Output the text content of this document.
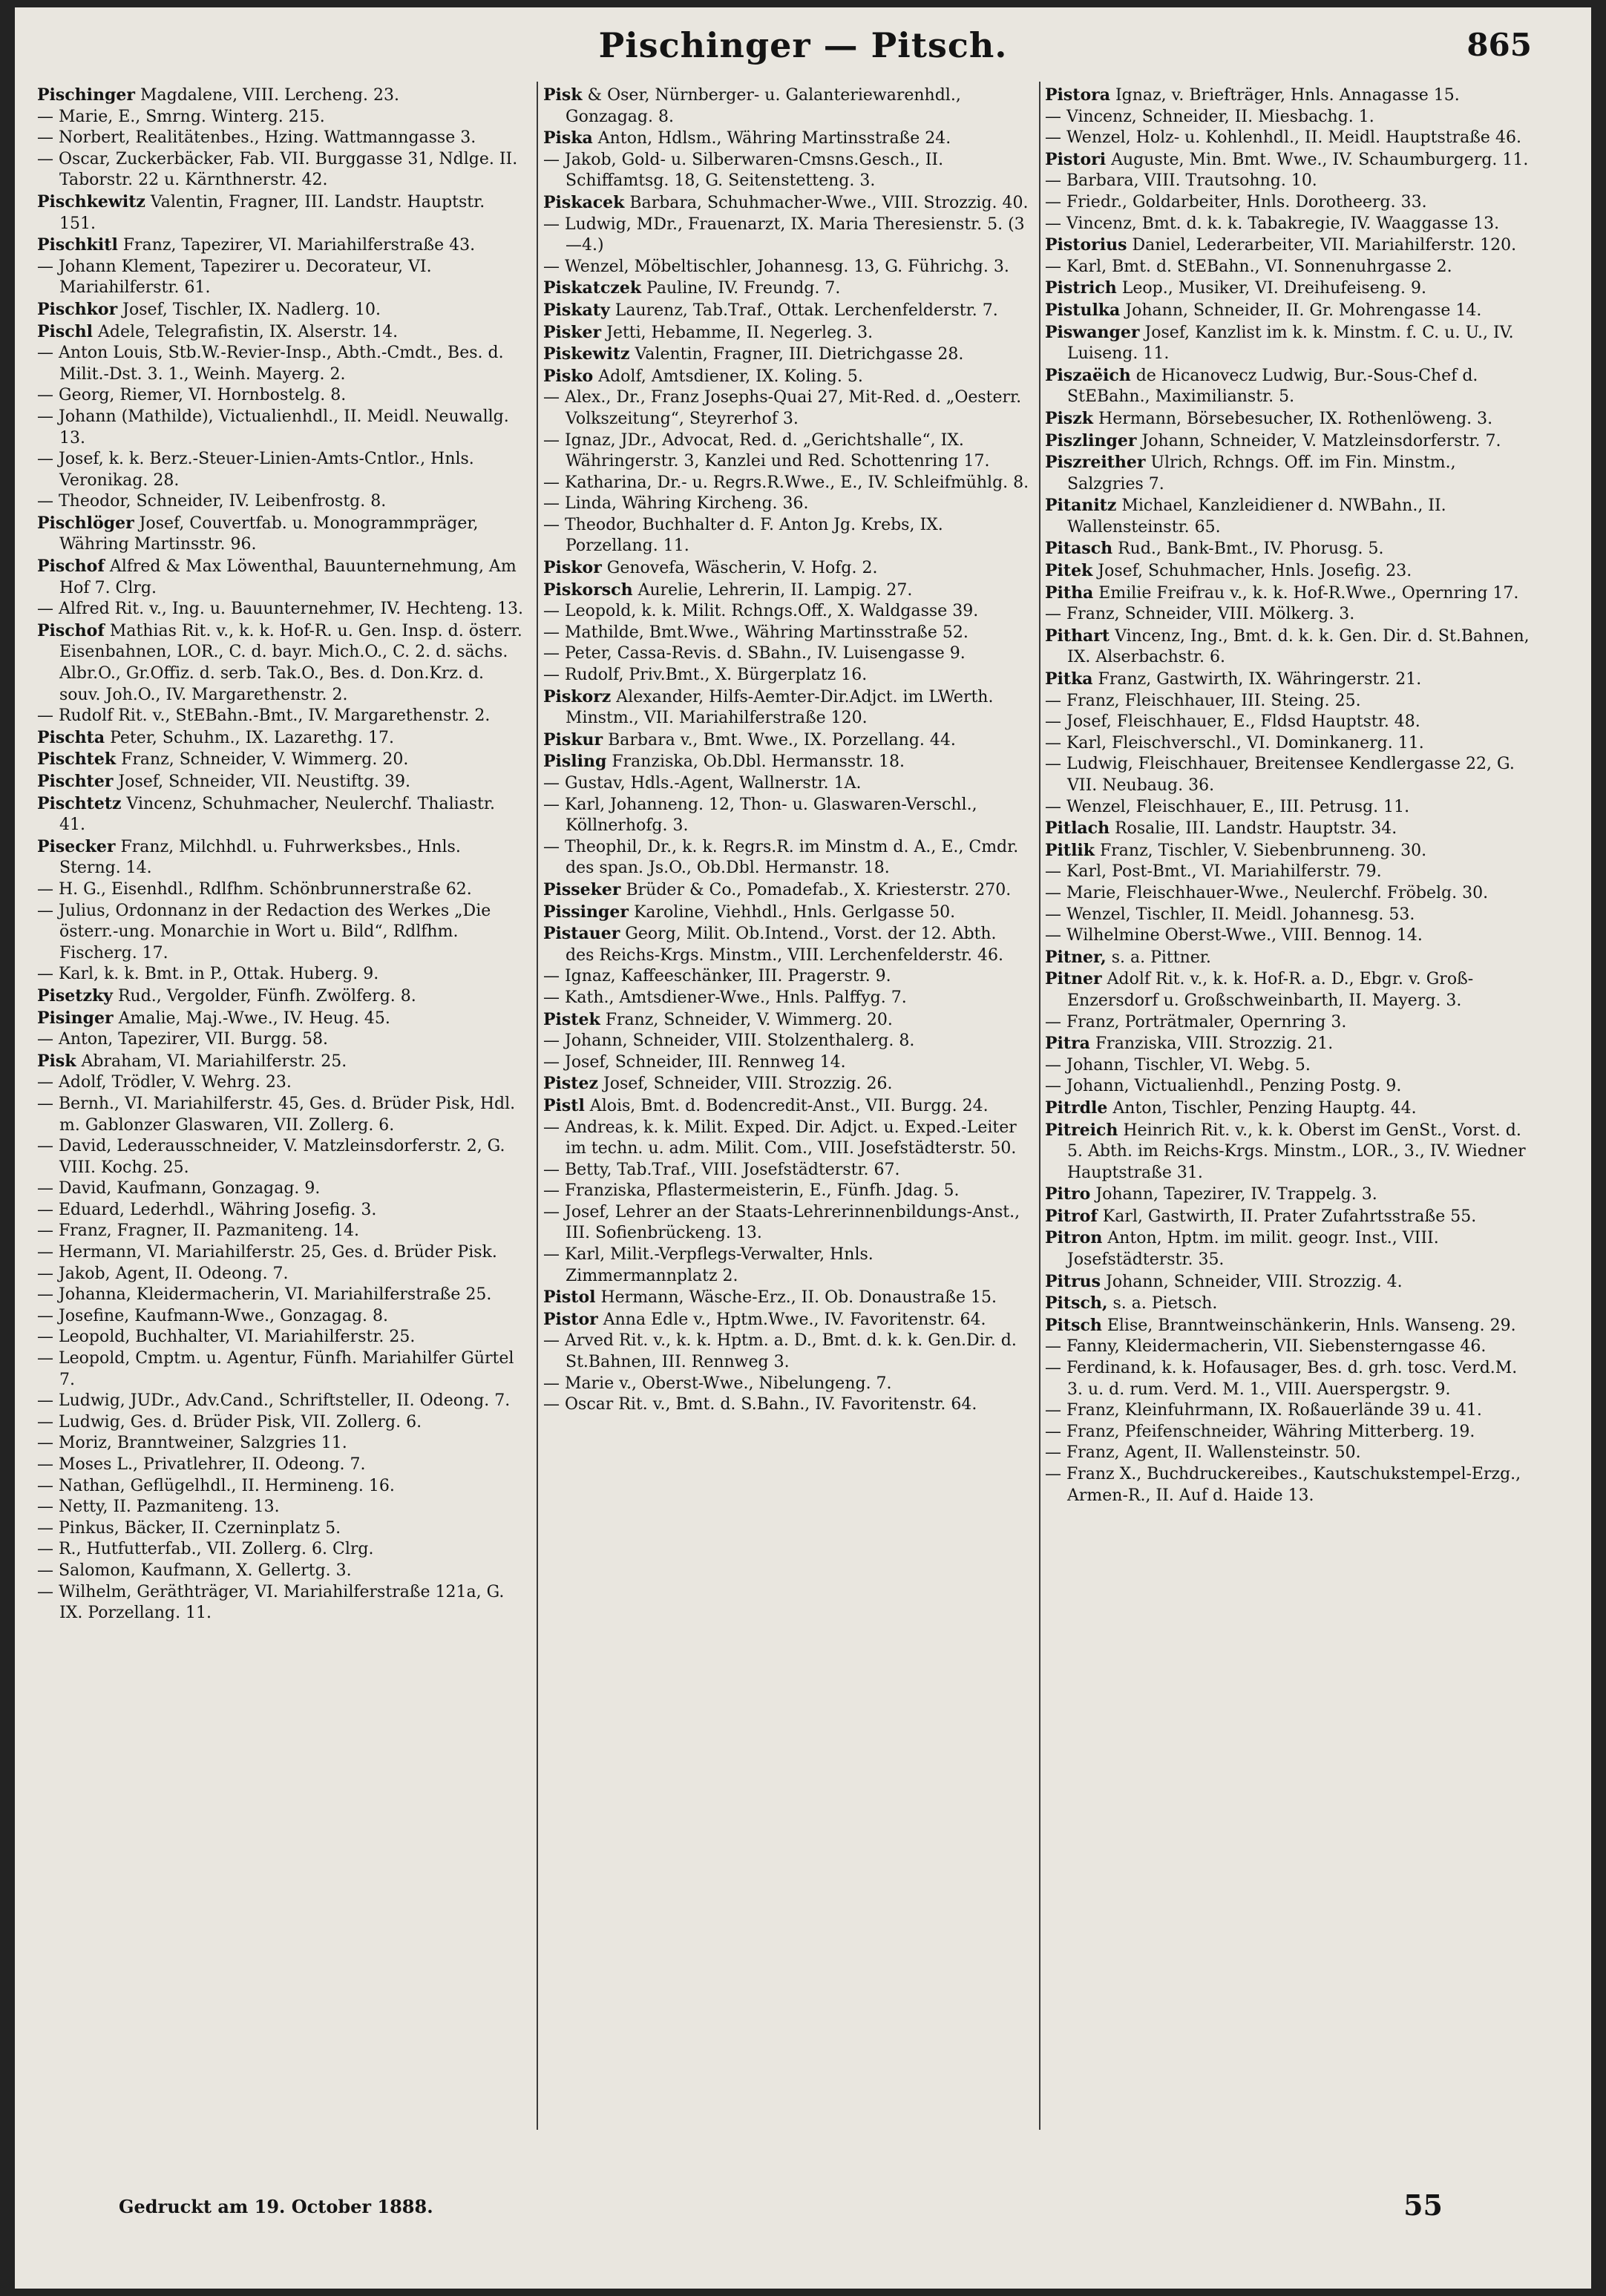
Pischinger — Pitsch.	865
Pischinger Magdalene, VIII. Lercheng. 23.
— Marie, E., Smrng. Winterg. 215.
— Norbert, Realitätenbes., Hzing. Wattmanngasse 3.
— Oscar, Zuckerbäcker, Fab. VII. Burggasse 31, Ndlge. II. Taborstr. 22 u. Kärnthnerstr. 42.
Pischkewitz Valentin, Fragner, III. Landstr. Hauptstr. 151.
Pischkitl Franz, Tapezirer, VI. Mariahilferstraße 43.
— Johann Klement, Tapezirer u. Decorateur, VI. Mariahilferstr. 61.
Pischkor Josef, Tischler, IX. Nadlerg. 10.
Pischl Adele, Telegrafistin, IX. Alserstr. 14.
— Anton Louis, Stb.W.-Revier-Insp., Abth.-Cmdt., Bes. d. Milit.-Dst. 3. 1., Weinh. Mayerg. 2.
— Georg, Riemer, VI. Hornbostelg. 8.
— Johann (Mathilde), Victualienhdl., II. Meidl. Neuwallg. 13.
— Josef, k. k. Berz.-Steuer-Linien-Amts-Cntlor., Hnls. Veronikag. 28.
— Theodor, Schneider, IV. Leibenfrostg. 8.
Pischlöger Josef, Couvertfab. u. Monogrammpräger, Währing Martinsstr. 96.
Pischof Alfred & Max Löwenthal, Bauunternehmung, Am Hof 7. Clrg.
— Alfred Rit. v., Ing. u. Bauunternehmer, IV. Hechteng. 13.
Pischof Mathias Rit. v., k. k. Hof-R. u. Gen. Insp. d. österr. Eisenbahnen, LOR., C. d. bayr. Mich.O., C. 2. d. sächs. Albr.O., Gr.Offiz. d. serb. Tak.O., Bes. d. Don.Krz. d. souv. Joh.O., IV. Margarethenstr. 2.
— Rudolf Rit. v., StEBahn.-Bmt., IV. Margarethenstr. 2.
Pischta Peter, Schuhm., IX. Lazarethg. 17.
Pischtek Franz, Schneider, V. Wimmerg. 20.
Pischter Josef, Schneider, VII. Neustiftg. 39.
Pischtetz Vincenz, Schuhmacher, Neulerchf. Thaliastr. 41.
Pisecker Franz, Milchhdl. u. Fuhrwerksbes., Hnls. Sterng. 14.
— H. G., Eisenhdl., Rdlfhm. Schönbrunnerstraße 62.
— Julius, Ordonnanz in der Redaction des Werkes „Die österr.-ung. Monarchie in Wort u. Bild“, Rdlfhm. Fischerg. 17.
— Karl, k. k. Bmt. in P., Ottak. Huberg. 9.
Pisetzky Rud., Vergolder, Fünfh. Zwölferg. 8.
Pisinger Amalie, Maj.-Wwe., IV. Heug. 45.
— Anton, Tapezirer, VII. Burgg. 58.
Pisk Abraham, VI. Mariahilferstr. 25.
— Adolf, Trödler, V. Wehrg. 23.
— Bernh., VI. Mariahilferstr. 45, Ges. d. Brüder Pisk, Hdl. m. Gablonzer Glaswaren, VII. Zollerg. 6.
— David, Lederausschneider, V. Matzleinsdorferstr. 2, G. VIII. Kochg. 25.
— David, Kaufmann, Gonzagag. 9.
— Eduard, Lederhdl., Währing Josefig. 3.
— Franz, Fragner, II. Pazmaniteng. 14.
— Hermann, VI. Mariahilferstr. 25, Ges. d. Brüder Pisk.
— Jakob, Agent, II. Odeong. 7.
— Johanna, Kleidermacherin, VI. Mariahilferstraße 25.
— Josefine, Kaufmann-Wwe., Gonzagag. 8.
— Leopold, Buchhalter, VI. Mariahilferstr. 25.
— Leopold, Cmptm. u. Agentur, Fünfh. Mariahilfer Gürtel 7.
— Ludwig, JUDr., Adv.Cand., Schriftsteller, II. Odeong. 7.
— Ludwig, Ges. d. Brüder Pisk, VII. Zollerg. 6.
— Moriz, Branntweiner, Salzgries 11.
— Moses L., Privatlehrer, II. Odeong. 7.
— Nathan, Geflügelhdl., II. Hermineng. 16.
— Netty, II. Pazmaniteng. 13.
— Pinkus, Bäcker, II. Czerninplatz 5.
— R., Hutfutterfab., VII. Zollerg. 6. Clrg.
— Salomon, Kaufmann, X. Gellertg. 3.
— Wilhelm, Geräthträger, VI. Mariahilferstraße 121a, G. IX. Porzellang. 11.
Pisk & Oser, Nürnberger- u. Galanteriewarenhdl., Gonzagag. 8.
Piska Anton, Hdlsm., Währing Martinsstraße 24.
— Jakob, Gold- u. Silberwaren-Cmsns.Gesch., II. Schiffamtsg. 18, G. Seitenstetteng. 3.
Piskacek Barbara, Schuhmacher-Wwe., VIII. Strozzig. 40.
— Ludwig, MDr., Frauenarzt, IX. Maria Theresienstr. 5. (3—4.)
— Wenzel, Möbeltischler, Johannesg. 13, G. Führichg. 3.
Piskatczek Pauline, IV. Freundg. 7.
Piskaty Laurenz, Tab.Traf., Ottak. Lerchenfelderstr. 7.
Pisker Jetti, Hebamme, II. Negerleg. 3.
Piskewitz Valentin, Fragner, III. Dietrichgasse 28.
Pisko Adolf, Amtsdiener, IX. Koling. 5.
— Alex., Dr., Franz Josephs-Quai 27, Mit-Red. d. „Oesterr. Volkszeitung“, Steyrerhof 3.
— Ignaz, JDr., Advocat, Red. d. „Gerichtshalle“, IX. Währingerstr. 3, Kanzlei und Red. Schottenring 17.
— Katharina, Dr.- u. Regrs.R.Wwe., E., IV. Schleifmühlg. 8.
— Linda, Währing Kircheng. 36.
— Theodor, Buchhalter d. F. Anton Jg. Krebs, IX. Porzellang. 11.
Piskor Genovefa, Wäscherin, V. Hofg. 2.
Piskorsch Aurelie, Lehrerin, II. Lampig. 27.
— Leopold, k. k. Milit. Rchngs.Off., X. Waldgasse 39.
— Mathilde, Bmt.Wwe., Währing Martinsstraße 52.
— Peter, Cassa-Revis. d. SBahn., IV. Luisengasse 9.
— Rudolf, Priv.Bmt., X. Bürgerplatz 16.
Piskorz Alexander, Hilfs-Aemter-Dir.Adjct. im LWerth. Minstm., VII. Mariahilferstraße 120.
Piskur Barbara v., Bmt. Wwe., IX. Porzellang. 44.
Pisling Franziska, Ob.Dbl. Hermansstr. 18.
— Gustav, Hdls.-Agent, Wallnerstr. 1A.
— Karl, Johanneng. 12, Thon- u. Glaswaren-Verschl., Köllnerhofg. 3.
— Theophil, Dr., k. k. Regrs.R. im Minstm d. A., E., Cmdr. des span. Js.O., Ob.Dbl. Hermanstr. 18.
Pisseker Brüder & Co., Pomadefab., X. Kriesterstr. 270.
Pissinger Karoline, Viehhdl., Hnls. Gerlgasse 50.
Pistauer Georg, Milit. Ob.Intend., Vorst. der 12. Abth. des Reichs-Krgs. Minstm., VIII. Lerchenfelderstr. 46.
— Ignaz, Kaffeeschänker, III. Pragerstr. 9.
— Kath., Amtsdiener-Wwe., Hnls. Palffyg. 7.
Pistek Franz, Schneider, V. Wimmerg. 20.
— Johann, Schneider, VIII. Stolzenthalerg. 8.
— Josef, Schneider, III. Rennweg 14.
Pistez Josef, Schneider, VIII. Strozzig. 26.
Pistl Alois, Bmt. d. Bodencredit-Anst., VII. Burgg. 24.
— Andreas, k. k. Milit. Exped. Dir. Adjct. u. Exped.-Leiter im techn. u. adm. Milit. Com., VIII. Josefstädterstr. 50.
— Betty, Tab.Traf., VIII. Josefstädterstr. 67.
— Franziska, Pflastermeisterin, E., Fünfh. Jdag. 5.
— Josef, Lehrer an der Staats-Lehrerinnenbildungs-Anst., III. Sofienbrückeng. 13.
— Karl, Milit.-Verpflegs-Verwalter, Hnls. Zimmermannplatz 2.
Pistol Hermann, Wäsche-Erz., II. Ob. Donaustraße 15.
Pistor Anna Edle v., Hptm.Wwe., IV. Favoritenstr. 64.
— Arved Rit. v., k. k. Hptm. a. D., Bmt. d. k. k. Gen.Dir. d. St.Bahnen, III. Rennweg 3.
— Marie v., Oberst-Wwe., Nibelungeng. 7.
— Oscar Rit. v., Bmt. d. S.Bahn., IV. Favoritenstr. 64.
Pistora Ignaz, v. Briefträger, Hnls. Annagasse 15.
— Vincenz, Schneider, II. Miesbachg. 1.
— Wenzel, Holz- u. Kohlenhdl., II. Meidl. Hauptstraße 46.
Pistori Auguste, Min. Bmt. Wwe., IV. Schaumburgerg. 11.
— Barbara, VIII. Trautsohng. 10.
— Friedr., Goldarbeiter, Hnls. Dorotheerg. 33.
— Vincenz, Bmt. d. k. k. Tabakregie, IV. Waaggasse 13.
Pistorius Daniel, Lederarbeiter, VII. Mariahilferstr. 120.
— Karl, Bmt. d. StEBahn., VI. Sonnenuhrgasse 2.
Pistrich Leop., Musiker, VI. Dreihufeiseng. 9.
Pistulka Johann, Schneider, II. Gr. Mohrengasse 14.
Piswanger Josef, Kanzlist im k. k. Minstm. f. C. u. U., IV. Luiseng. 11.
Piszaëich de Hicanovecz Ludwig, Bur.-Sous-Chef d. StEBahn., Maximilianstr. 5.
Piszk Hermann, Börsebesucher, IX. Rothenlöweng. 3.
Piszlinger Johann, Schneider, V. Matzleinsdorferstr. 7.
Piszreither Ulrich, Rchngs. Off. im Fin. Minstm., Salzgries 7.
Pitanitz Michael, Kanzleidiener d. NWBahn., II. Wallensteinstr. 65.
Pitasch Rud., Bank-Bmt., IV. Phorusg. 5.
Pitek Josef, Schuhmacher, Hnls. Josefig. 23.
Pitha Emilie Freifrau v., k. k. Hof-R.Wwe., Opernring 17.
— Franz, Schneider, VIII. Mölkerg. 3.
Pithart Vincenz, Ing., Bmt. d. k. k. Gen. Dir. d. St.Bahnen, IX. Alserbachstr. 6.
Pitka Franz, Gastwirth, IX. Währingerstr. 21.
— Franz, Fleischhauer, III. Steing. 25.
— Josef, Fleischhauer, E., Fldsd Hauptstr. 48.
— Karl, Fleischverschl., VI. Dominkanerg. 11.
— Ludwig, Fleischhauer, Breitensee Kendlergasse 22, G. VII. Neubaug. 36.
— Wenzel, Fleischhauer, E., III. Petrusg. 11.
Pitlach Rosalie, III. Landstr. Hauptstr. 34.
Pitlik Franz, Tischler, V. Siebenbrunneng. 30.
— Karl, Post-Bmt., VI. Mariahilferstr. 79.
— Marie, Fleischhauer-Wwe., Neulerchf. Fröbelg. 30.
— Wenzel, Tischler, II. Meidl. Johannesg. 53.
— Wilhelmine Oberst-Wwe., VIII. Bennog. 14.
Pitner, s. a. Pittner.
Pitner Adolf Rit. v., k. k. Hof-R. a. D., Ebgr. v. Groß-Enzersdorf u. Großschweinbarth, II. Mayerg. 3.
— Franz, Porträtmaler, Opernring 3.
Pitra Franziska, VIII. Strozzig. 21.
— Johann, Tischler, VI. Webg. 5.
— Johann, Victualienhdl., Penzing Postg. 9.
Pitrdle Anton, Tischler, Penzing Hauptg. 44.
Pitreich Heinrich Rit. v., k. k. Oberst im GenSt., Vorst. d. 5. Abth. im Reichs-Krgs. Minstm., LOR., 3., IV. Wiedner Hauptstraße 31.
Pitro Johann, Tapezirer, IV. Trappelg. 3.
Pitrof Karl, Gastwirth, II. Prater Zufahrtsstraße 55.
Pitron Anton, Hptm. im milit. geogr. Inst., VIII. Josefstädterstr. 35.
Pitrus Johann, Schneider, VIII. Strozzig. 4.
Pitsch, s. a. Pietsch.
Pitsch Elise, Branntweinschänkerin, Hnls. Wanseng. 29.
— Fanny, Kleidermacherin, VII. Siebensterngasse 46.
— Ferdinand, k. k. Hofausager, Bes. d. grh. tosc. Verd.M. 3. u. d. rum. Verd. M. 1., VIII. Auerspergstr. 9.
— Franz, Kleinfuhrmann, IX. Roßauerlände 39 u. 41.
— Franz, Pfeifenschneider, Währing Mitterberg. 19.
— Franz, Agent, II. Wallensteinstr. 50.
— Franz X., Buchdruckereibes., Kautschukstempel-Erzg., Armen-R., II. Auf d. Haide 13.
Gedruckt am 19. October 1888.	55
